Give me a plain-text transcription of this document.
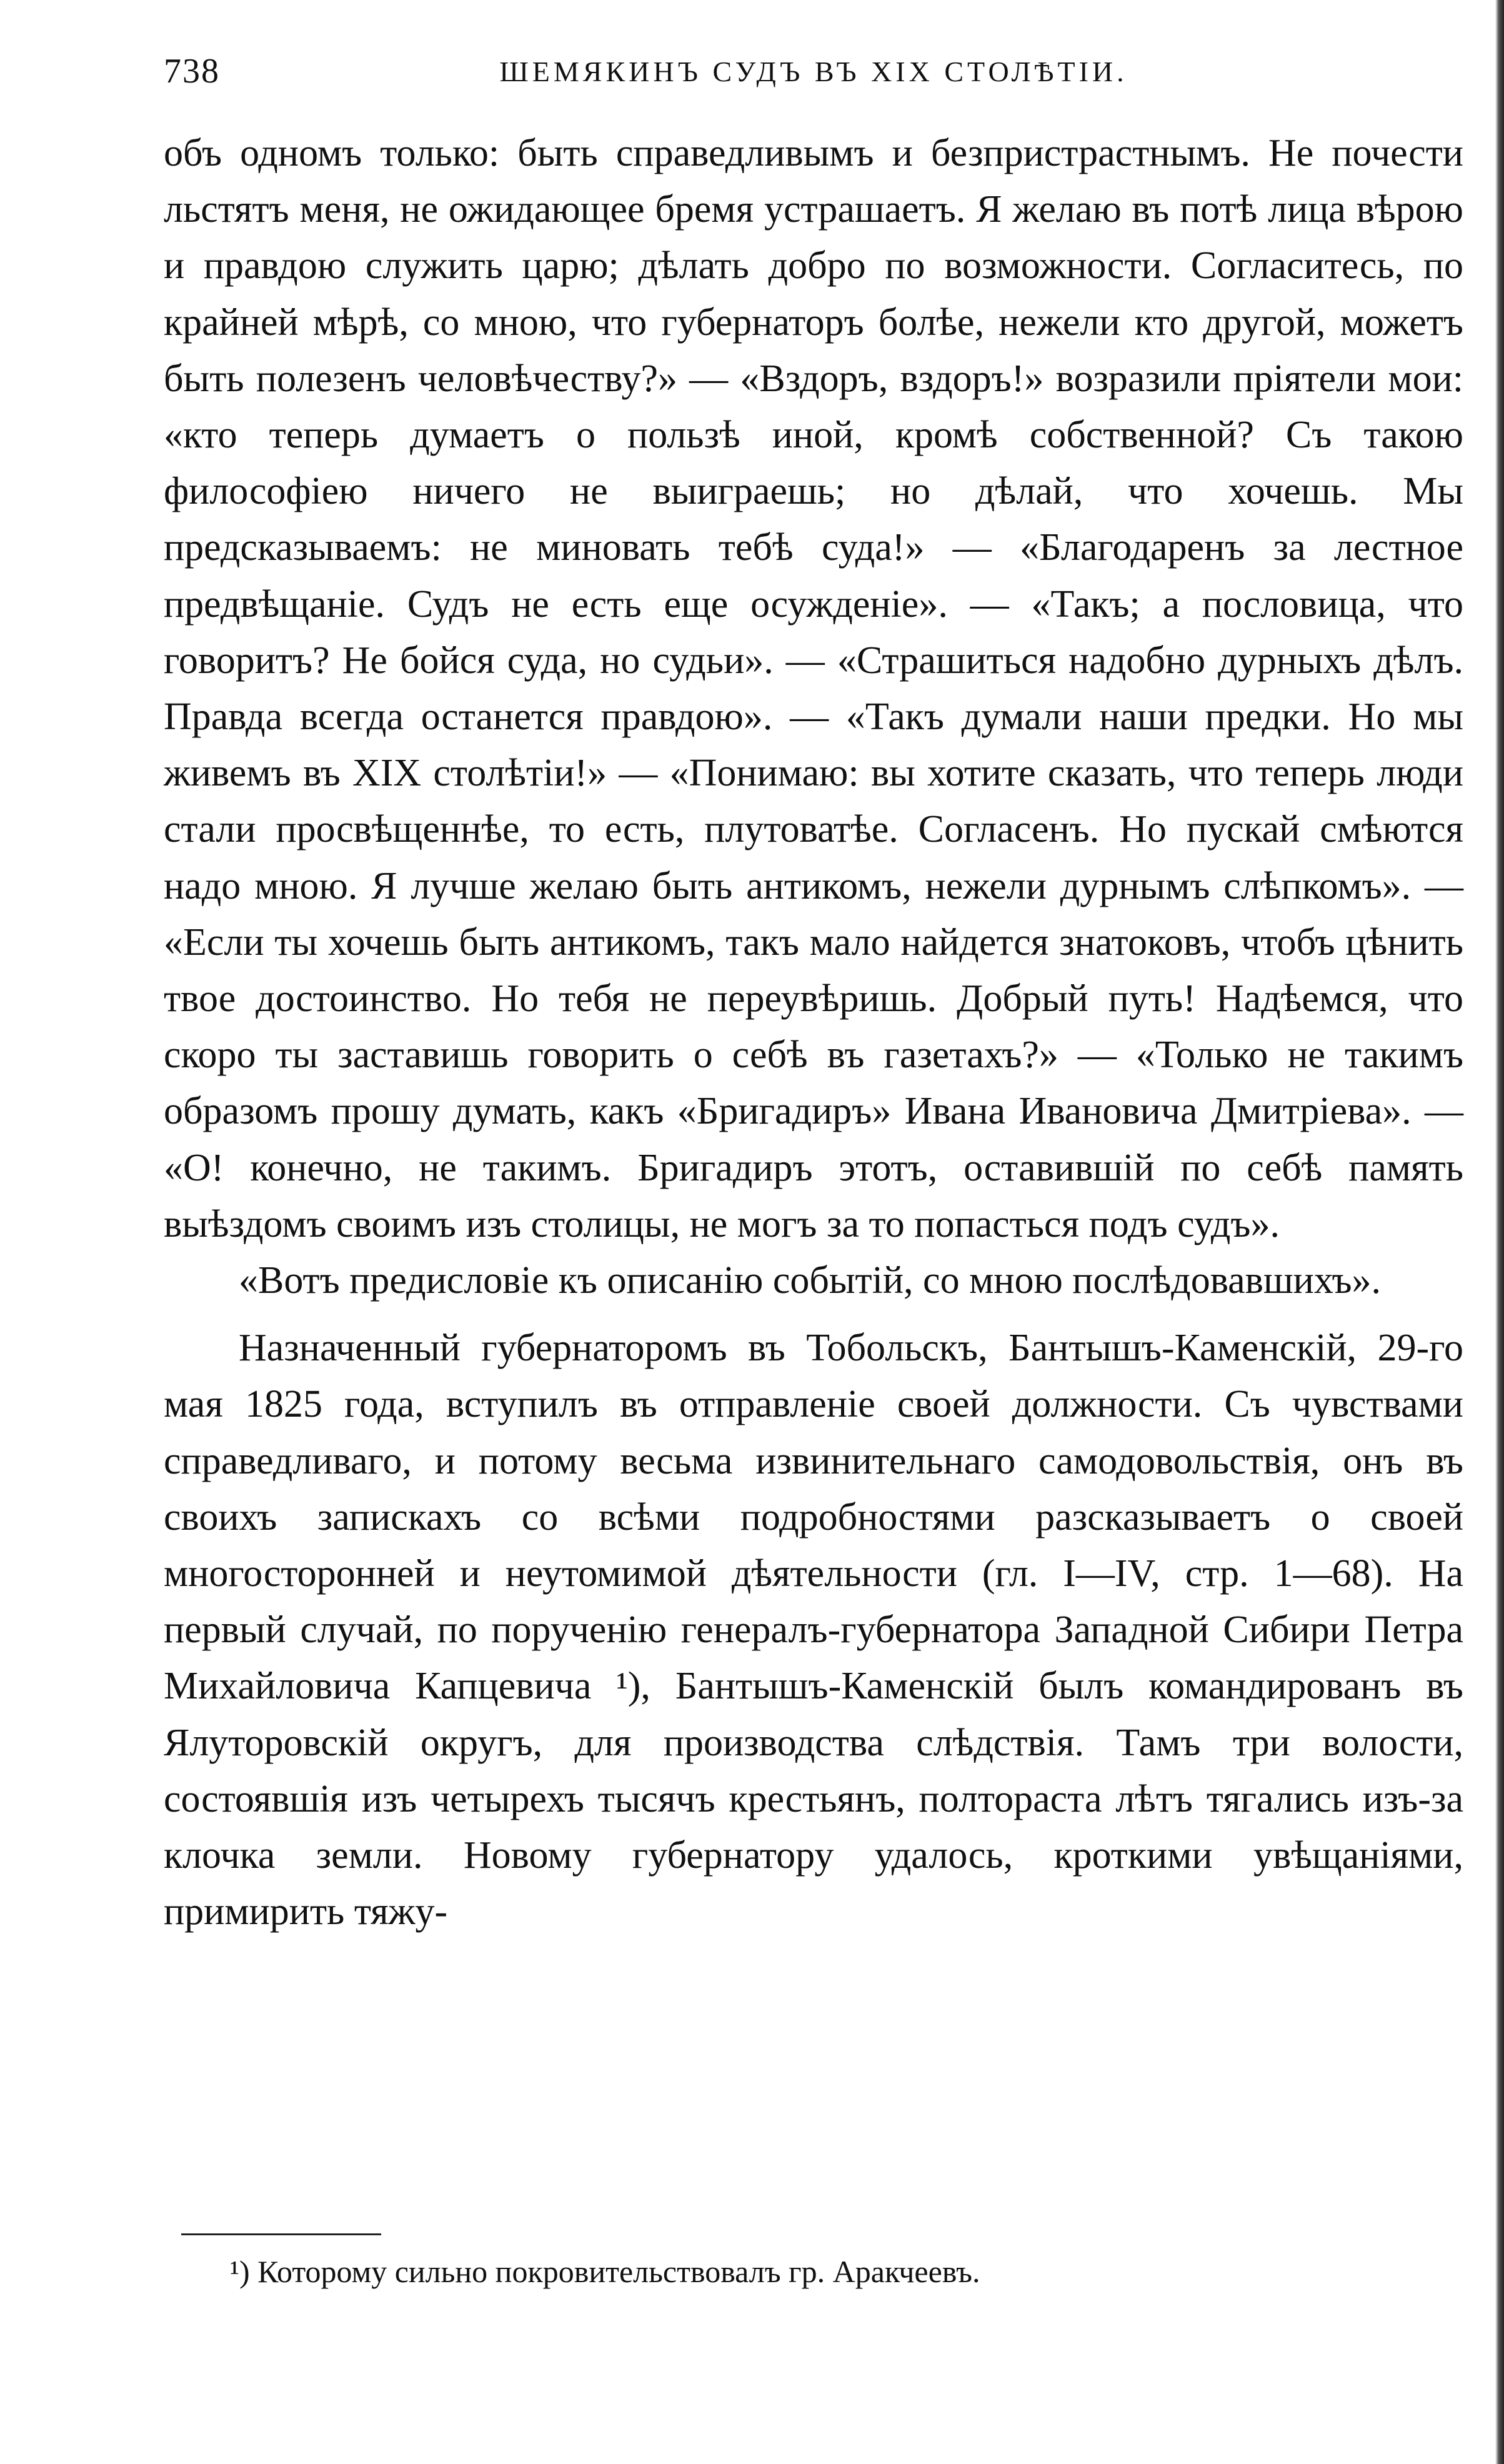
738	ШЕМЯКИНЪ СУДЪ ВЪ XIX СТОЛѢТІИ.

объ одномъ только: быть справедливымъ и безпристрастнымъ. Не почести льстятъ меня, не ожидающее бремя устрашаетъ. Я желаю въ потѣ лица вѣрою и правдою служить царю; дѣлать добро по возможности. Согласитесь, по крайней мѣрѣ, со мною, что губернаторъ болѣе, нежели кто другой, можетъ быть полезенъ человѣчеству?» — «Вздоръ, вздоръ!» возразили пріятели мои: «кто теперь думаетъ о пользѣ иной, кромѣ собственной? Съ такою философіею ничего не выиграешь; но дѣлай, что хочешь. Мы предсказываемъ: не миновать тебѣ суда!» — «Благодаренъ за лестное предвѣщаніе. Судъ не есть еще осужденіе». — «Такъ; а пословица, что говоритъ? Не бойся суда, но судьи». — «Страшиться надобно дурныхъ дѣлъ. Правда всегда останется правдою». — «Такъ думали наши предки. Но мы живемъ въ XIX столѣтіи!» — «Понимаю: вы хотите сказать, что теперь люди стали просвѣщеннѣе, то есть, плутоватѣе. Согласенъ. Но пускай смѣются надо мною. Я лучше желаю быть антикомъ, нежели дурнымъ слѣпкомъ». — «Если ты хочешь быть антикомъ, такъ мало найдется знатоковъ, чтобъ цѣнить твое достоинство. Но тебя не переувѣришь. Добрый путь! Надѣемся, что скоро ты заставишь говорить о себѣ въ газетахъ?» — «Только не такимъ образомъ прошу думать, какъ «Бригадиръ» Ивана Ивановича Дмитріева». — «О! конечно, не такимъ. Бригадиръ этотъ, оставившій по себѣ память выѣздомъ своимъ изъ столицы, не могъ за то попасться подъ судъ».

«Вотъ предисловіе къ описанію событій, со мною послѣдовавшихъ».

Назначенный губернаторомъ въ Тобольскъ, Бантышъ-Каменскій, 29-го мая 1825 года, вступилъ въ отправленіе своей должности. Съ чувствами справедливаго, и потому весьма извинительнаго самодовольствія, онъ въ своихъ запискахъ со всѣми подробностями разсказываетъ о своей многосторонней и неутомимой дѣятельности (гл. I—IV, стр. 1—68). На первый случай, по порученію генералъ-губернатора Западной Сибири Петра Михайловича Капцевича ¹), Бантышъ-Каменскій былъ командированъ въ Ялуторовскій округъ, для производства слѣдствія. Тамъ три волости, состоявшія изъ четырехъ тысячъ крестьянъ, полтораста лѣтъ тягались изъ-за клочка земли. Новому губернатору удалось, кроткими увѣщаніями, примирить тяжу-

¹) Которому сильно покровительствовалъ гр. Аракчеевъ.
